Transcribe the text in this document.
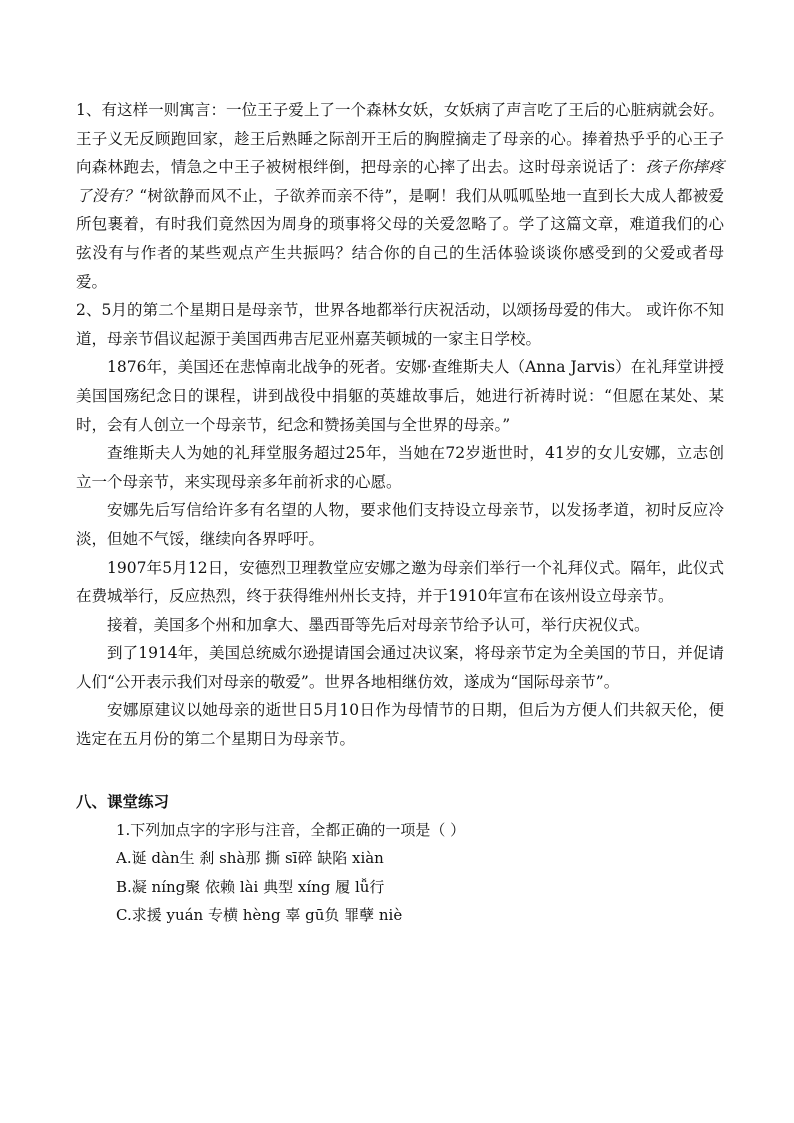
1、有这样一则寓言：一位王子爱上了一个森林女妖，女妖病了声言吃了王后的心脏病就会好。王子义无反顾跑回家，趁王后熟睡之际剖开王后的胸膛摘走了母亲的心。捧着热乎乎的心王子向森林跑去，情急之中王子被树根绊倒，把母亲的心摔了出去。这时母亲说话了：孩子你摔疼了没有？“树欲静而风不止，子欲养而亲不待”，是啊！我们从呱呱坠地一直到长大成人都被爱所包裹着，有时我们竟然因为周身的琐事将父母的关爱忽略了。学了这篇文章，难道我们的心弦没有与作者的某些观点产生共振吗？结合你的自己的生活体验谈谈你感受到的父爱或者母爱。

2、5月的第二个星期日是母亲节，世界各地都举行庆祝活动，以颂扬母爱的伟大。 或许你不知道，母亲节倡议起源于美国西弗吉尼亚州嘉芙顿城的一家主日学校。

1876年，美国还在悲悼南北战争的死者。安娜·查维斯夫人（Anna Jarvis）在礼拜堂讲授美国国殇纪念日的课程，讲到战役中捐躯的英雄故事后，她进行祈祷时说：“但愿在某处、某时，会有人创立一个母亲节，纪念和赞扬美国与全世界的母亲。”

查维斯夫人为她的礼拜堂服务超过25年，当她在72岁逝世时，41岁的女儿安娜，立志创立一个母亲节，来实现母亲多年前祈求的心愿。

安娜先后写信给许多有名望的人物，要求他们支持设立母亲节，以发扬孝道，初时反应冷淡，但她不气馁，继续向各界呼吁。

1907年5月12日，安德烈卫理教堂应安娜之邀为母亲们举行一个礼拜仪式。隔年，此仪式在费城举行，反应热烈，终于获得维州州长支持，并于1910年宣布在该州设立母亲节。

接着，美国多个州和加拿大、墨西哥等先后对母亲节给予认可，举行庆祝仪式。

到了1914年，美国总统威尔逊提请国会通过决议案，将母亲节定为全美国的节日，并促请人们“公开表示我们对母亲的敬爱”。世界各地相继仿效，遂成为“国际母亲节”。

安娜原建议以她母亲的逝世日5月10日作为母情节的日期，但后为方便人们共叙天伦，便选定在五月份的第二个星期日为母亲节。

八、课堂练习

1.下列加点字的字形与注音，全都正确的一项是（ ）

A.诞 dàn生 刹 shà那 撕 sī碎 缺陷 xiàn

B.凝 níng聚 依赖 lài 典型 xíng 履 lǚ行

C.求援 yuán 专横 hèng 辜 gū负 罪孽 niè
